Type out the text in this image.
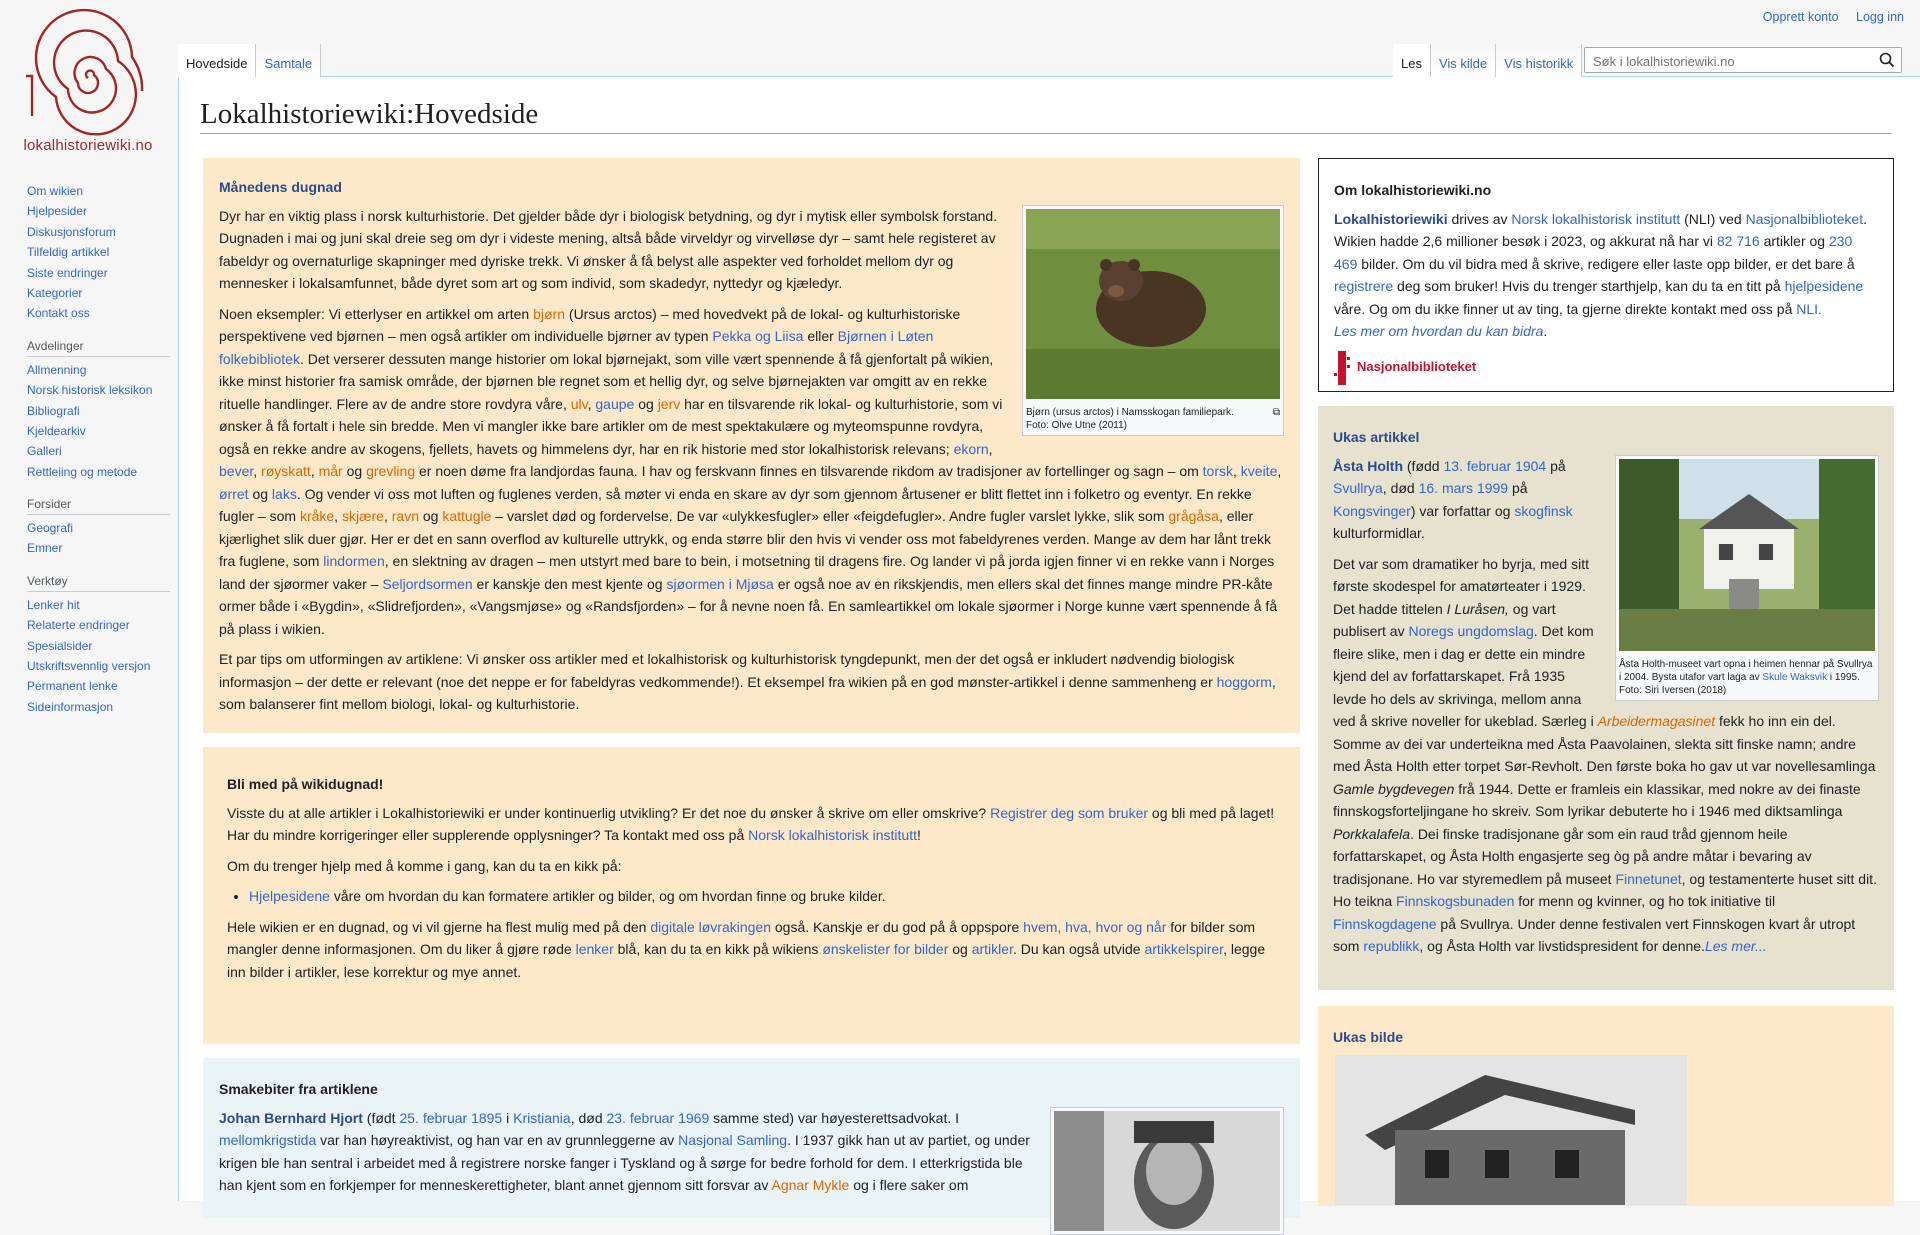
Opprett konto Logg inn
lokalhistoriewiki.no
Om wikien
Hjelpesider
Diskusjonsforum
Tilfeldig artikkel
Siste endringer
Kategorier
Kontakt oss
Avdelinger
Allmenning
Norsk historisk leksikon
Bibliografi
Kjeldearkiv
Galleri
Rettleiing og metode
Forsider
Geografi
Emner
Verktøy
Lenker hit
Relaterte endringer
Spesialsider
Utskriftsvennlig versjon
Permanent lenke
Sideinformasjon
Hovedside	Samtale	Les	Vis kilde	Vis historikk
Søk i lokalhistoriewiki.no
Lokalhistoriewiki:Hovedside
Månedens dugnad
Bjørn (ursus arctos) i Namsskogan familiepark.	⧉
Foto: Olve Utne (2011)

Dyr har en viktig plass i norsk kulturhistorie. Det gjelder både dyr i biologisk betydning, og dyr i mytisk eller symbolsk forstand. Dugnaden i mai og juni skal dreie seg om dyr i videste mening, altså både virveldyr og virvelløse dyr – samt hele registeret av fabeldyr og overnaturlige skapninger med dyriske trekk. Vi ønsker å få belyst alle aspekter ved forholdet mellom dyr og mennesker i lokalsamfunnet, både dyret som art og som individ, som skadedyr, nyttedyr og kjæledyr.

Noen eksempler: Vi etterlyser en artikkel om arten bjørn (Ursus arctos) – med hovedvekt på de lokal- og kulturhistoriske perspektivene ved bjørnen – men også artikler om individuelle bjørner av typen Pekka og Liisa eller Bjørnen i Løten folkebibliotek. Det verserer dessuten mange historier om lokal bjørnejakt, som ville vært spennende å få gjenfortalt på wikien, ikke minst historier fra samisk område, der bjørnen ble regnet som et hellig dyr, og selve bjørnejakten var omgitt av en rekke rituelle handlinger. Flere av de andre store rovdyra våre, ulv, gaupe og jerv har en tilsvarende rik lokal- og kulturhistorie, som vi ønsker å få fortalt i hele sin bredde. Men vi mangler ikke bare artikler om de mest spektakulære og myteomspunne rovdyra, også en rekke andre av skogens, fjellets, havets og himmelens dyr, har en rik historie med stor lokalhistorisk relevans; ekorn, bever, røyskatt, mår og grevling er noen døme fra landjordas fauna. I hav og ferskvann finnes en tilsvarende rikdom av tradisjoner av fortellinger og sagn – om torsk, kveite, ørret og laks. Og vender vi oss mot luften og fuglenes verden, så møter vi enda en skare av dyr som gjennom årtusener er blitt flettet inn i folketro og eventyr. En rekke fugler – som kråke, skjære, ravn og kattugle – varslet død og fordervelse. De var «ulykkesfugler» eller «feigdefugler». Andre fugler varslet lykke, slik som grågåsa, eller kjærlighet slik duer gjør. Her er det en sann overflod av kulturelle uttrykk, og enda større blir den hvis vi vender oss mot fabeldyrenes verden. Mange av dem har lånt trekk fra fuglene, som lindormen, en slektning av dragen – men utstyrt med bare to bein, i motsetning til dragens fire. Og lander vi på jorda igjen finner vi en rekke vann i Norges land der sjøormer vaker – Seljordsormen er kanskje den mest kjente og sjøormen i Mjøsa er også noe av en rikskjendis, men ellers skal det finnes mange mindre PR-kåte ormer både i «Bygdin», «Slidrefjorden», «Vangsmjøse» og «Randsfjorden» – for å nevne noen få. En samleartikkel om lokale sjøormer i Norge kunne vært spennende å få på plass i wikien.

Et par tips om utformingen av artiklene: Vi ønsker oss artikler med et lokalhistorisk og kulturhistorisk tyngdepunkt, men der det også er inkludert nødvendig biologisk informasjon – der dette er relevant (noe det neppe er for fabeldyras vedkommende!). Et eksempel fra wikien på en god mønster-artikkel i denne sammenheng er hoggorm, som balanserer fint mellom biologi, lokal- og kulturhistorie.

Bli med på wikidugnad!

Visste du at alle artikler i Lokalhistoriewiki er under kontinuerlig utvikling? Er det noe du ønsker å skrive om eller omskrive? Registrer deg som bruker og bli med på laget! Har du mindre korrigeringer eller supplerende opplysninger? Ta kontakt med oss på Norsk lokalhistorisk institutt!

Om du trenger hjelp med å komme i gang, kan du ta en kikk på:

• Hjelpesidene våre om hvordan du kan formatere artikler og bilder, og om hvordan finne og bruke kilder.

Hele wikien er en dugnad, og vi vil gjerne ha flest mulig med på den digitale løvrakingen også. Kanskje er du god på å oppspore hvem, hva, hvor og når for bilder som mangler denne informasjonen. Om du liker å gjøre røde lenker blå, kan du ta en kikk på wikiens ønskelister for bilder og artikler. Du kan også utvide artikkelspirer, legge inn bilder i artikler, lese korrektur og mye annet.

Smakebiter fra artiklene

Johan Bernhard Hjort (født 25. februar 1895 i Kristiania, død 23. februar 1969 samme sted) var høyesterettsadvokat. I mellomkrigstida var han høyreaktivist, og han var en av grunnleggerne av Nasjonal Samling. I 1937 gikk han ut av partiet, og under krigen ble han sentral i arbeidet med å registrere norske fanger i Tyskland og å sørge for bedre forhold for dem. I etterkrigstida ble han kjent som en forkjemper for menneskerettigheter, blant annet gjennom sitt forsvar av Agnar Mykle og i flere saker om

Om lokalhistoriewiki.no

Lokalhistoriewiki drives av Norsk lokalhistorisk institutt (NLI) ved Nasjonalbiblioteket. Wikien hadde 2,6 millioner besøk i 2023, og akkurat nå har vi 82 716 artikler og 230 469 bilder. Om du vil bidra med å skrive, redigere eller laste opp bilder, er det bare å registrere deg som bruker! Hvis du trenger starthjelp, kan du ta en titt på hjelpesidene våre. Og om du ikke finner ut av ting, ta gjerne direkte kontakt med oss på NLI.
Les mer om hvordan du kan bidra.

Nasjonalbiblioteket
Ukas artikkel
Åsta Holth-museet vart opna i heimen hennar på Svullrya i 2004. Bysta utafor vart laga av Skule Waksvik i 1995.
Foto: Siri Iversen (2018)

Åsta Holth (fødd 13. februar 1904 på Svullrya, død 16. mars 1999 på Kongsvinger) var forfattar og skogfinsk kulturformidlar.

Det var som dramatiker ho byrja, med sitt første skodespel for amatørteater i 1929. Det hadde tittelen I Luråsen, og vart publisert av Noregs ungdomslag. Det kom fleire slike, men i dag er dette ein mindre kjend del av forfattarskapet. Frå 1935 levde ho dels av skrivinga, mellom anna ved å skrive noveller for ukeblad. Særleg i Arbeidermagasinet fekk ho inn ein del. Somme av dei var underteikna med Åsta Paavolainen, slekta sitt finske namn; andre med Åsta Holth etter torpet Sør-Revholt. Den første boka ho gav ut var novellesamlinga Gamle bygdevegen frå 1944. Dette er framleis ein klassikar, med nokre av dei finaste finnskogsforteljingane ho skreiv. Som lyrikar debuterte ho i 1946 med diktsamlinga Porkkalafela. Dei finske tradisjonane går som ein raud tråd gjennom heile forfattarskapet, og Åsta Holth engasjerte seg òg på andre måtar i bevaring av tradisjonane. Ho var styremedlem på museet Finnetunet, og testamenterte huset sitt dit. Ho teikna Finnskogsbunaden for menn og kvinner, og ho tok initiative til Finnskogdagene på Svullrya. Under denne festivalen vert Finnskogen kvart år utropt som republikk, og Åsta Holth var livstidspresident for denne.Les mer...

Ukas bilde
